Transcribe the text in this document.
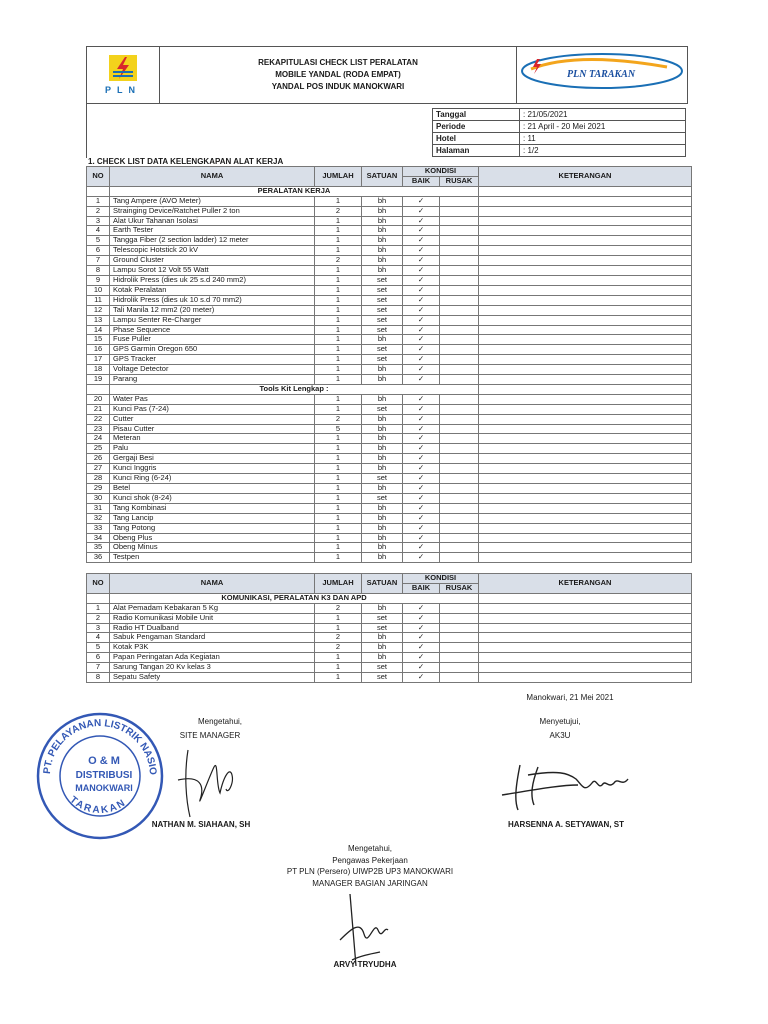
PLN
REKAPITULASI CHECK LIST PERALATAN
MOBILE YANDAL (RODA EMPAT)
YANDAL POS INDUK MANOKWARI
PLN TARAKAN
Tanggal	: 21/05/2021
Periode	: 21 April - 20 Mei 2021
Hotel	: 11
Halaman	: 1/2
1. CHECK LIST DATA KELENGKAPAN ALAT KERJA
NO	NAMA	JUMLAH	SATUAN	KONDISI		KETERANGAN
				BAIK	RUSAK	
	PERALATAN KERJA					
1	Tang Ampere (AVO Meter)	1	bh	✓		
2	Strainging Device/Ratchet Puller 2 ton	2	bh	✓		
3	Alat Ukur Tahanan Isolasi	1	bh	✓		
4	Earth Tester	1	bh	✓		
5	Tangga Fiber (2 section ladder) 12 meter	1	bh	✓		
6	Telescopic Hotstick 20 kV	1	bh	✓		
7	Ground Cluster	2	bh	✓		
8	Lampu Sorot 12 Volt 55 Watt	1	bh	✓		
9	Hidrolik Press (dies uk 25 s.d 240 mm2)	1	set	✓		
10	Kotak Peralatan	1	set	✓		
11	Hidrolik Press (dies uk 10 s.d 70 mm2)	1	set	✓		
12	Tali Manila 12 mm2 (20 meter)	1	set	✓		
13	Lampu Senter Re-Charger	1	set	✓		
14	Phase Sequence	1	set	✓		
15	Fuse Puller	1	bh	✓		
16	GPS Garmin Oregon 650	1	set	✓		
17	GPS Tracker	1	set	✓		
18	Voltage Detector	1	bh	✓		
19	Parang	1	bh	✓		
	Tools Kit Lengkap :					
20	Water Pas	1	bh	✓		
21	Kunci Pas (7-24)	1	set	✓		
22	Cutter	2	bh	✓		
23	Pisau Cutter	5	bh	✓		
24	Meteran	1	bh	✓		
25	Palu	1	bh	✓		
26	Gergaji Besi	1	bh	✓		
27	Kunci Inggris	1	bh	✓		
28	Kunci Ring (6-24)	1	set	✓		
29	Betel	1	bh	✓		
30	Kunci shok (8-24)	1	set	✓		
31	Tang Kombinasi	1	bh	✓		
32	Tang Lancip	1	bh	✓		
33	Tang Potong	1	bh	✓		
34	Obeng Plus	1	bh	✓		
35	Obeng Minus	1	bh	✓		
36	Testpen	1	bh	✓		
NO	NAMA	JUMLAH	SATUAN	KONDISI		KETERANGAN
				BAIK	RUSAK	
	KOMUNIKASI, PERALATAN K3 DAN APD					
1	Alat Pemadam Kebakaran 5 Kg	2	bh	✓		
2	Radio Komunikasi Mobile Unit	1	set	✓		
3	Radio HT Dualband	1	set	✓		
4	Sabuk Pengaman Standard	2	bh	✓		
5	Kotak P3K	2	bh	✓		
6	Papan Peringatan Ada Kegiatan	1	bh	✓		
7	Sarung Tangan 20 Kv kelas 3	1	set	✓		
8	Sepatu Safety	1	set	✓		
Manokwari, 21 Mei 2021
Mengetahui,
SITE MANAGER
NATHAN M. SIAHAAN, SH
Menyetujui,
AK3U
HARSENNA A. SETYAWAN, ST
Mengetahui,
Pengawas Pekerjaan
PT PLN (Persero) UIWP2B UP3 MANOKWARI
MANAGER BAGIAN JARINGAN
ARVY TRYUDHA
PT. PELAYANAN LISTRIK NASIO
TARAKAN
O & M
DISTRIBUSI
MANOKWARI
